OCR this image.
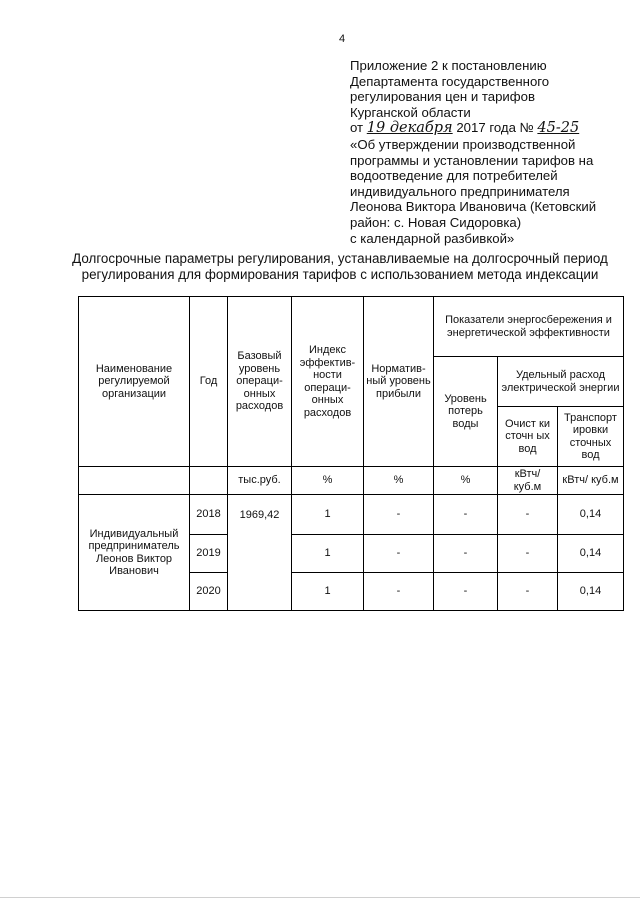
4
Приложение 2 к постановлению
Департамента государственного
регулирования цен и тарифов
Курганской области
от 19 декабря 2017 года № 45-25
«Об утверждении производственной
программы и установлении тарифов на
водоотведение для потребителей
индивидуального предпринимателя
Леонова Виктора Ивановича (Кетовский
район: с. Новая Сидоровка)
с календарной разбивкой»
Долгосрочные параметры регулирования, устанавливаемые на долгосрочный период
регулирования для формирования тарифов с использованием метода индексации
Наименование регулируемой организации	Год	Базовый уровень операци-онных расходов	Индекс эффектив-ности операци-онных расходов	Норматив-ный уровень прибыли	Показатели энергосбережения и энергетической эффективности		
					Уровень потерь воды	Удельный расход электрической энергии	
						Очист ки сточн ых вод	Транспорт ировки сточных вод
		тыс.руб.	%	%	%	кВтч/ куб.м	кВтч/ куб.м
Индивидуальный предприниматель Леонов Виктор Иванович	2018	1969,42	1	-	-	-	0,14
	2019		1	-	-	-	0,14
	2020		1	-	-	-	0,14
